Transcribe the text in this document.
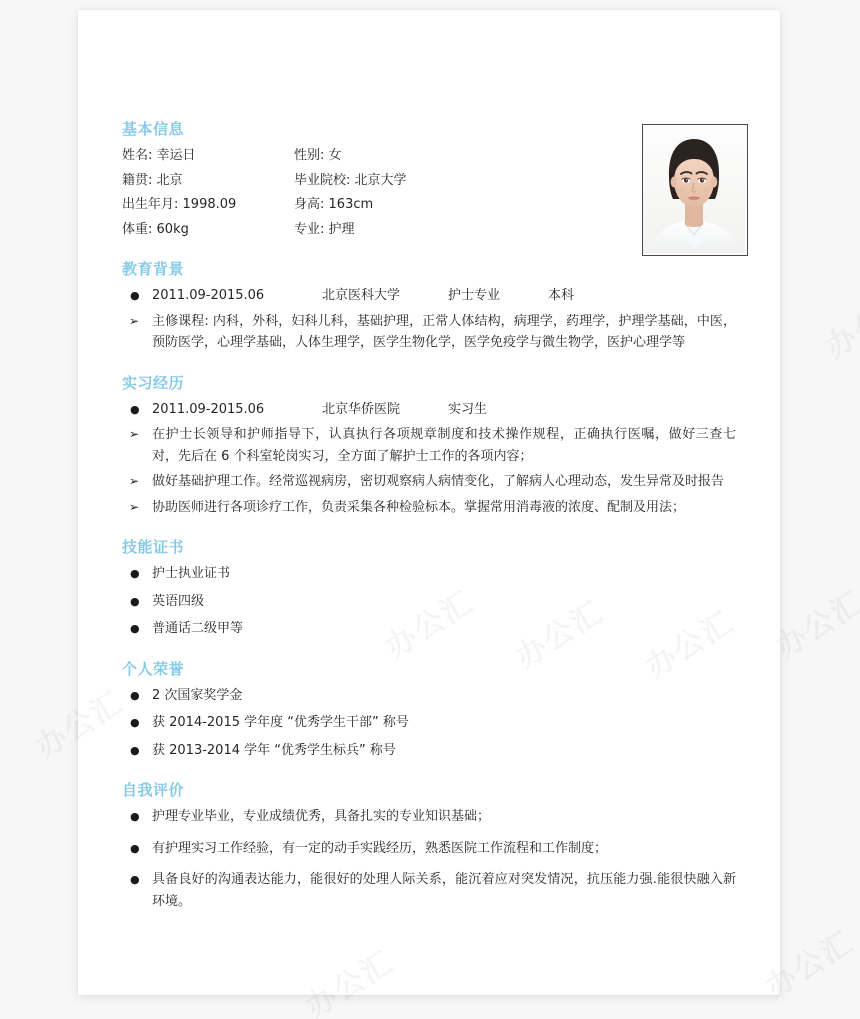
基本信息
姓名: 幸运日	性别: 女
籍贯: 北京	毕业院校: 北京大学
出生年月: 1998.09	身高: 163cm
体重: 60kg	专业: 护理
教育背景
● 2011.09-2015.06	北京医科大学	护士专业	本科
➢ 主修课程: 内科，外科，妇科儿科，基础护理，正常人体结构，病理学，药理学，护理学基础，中医，预防医学，心理学基础，人体生理学，医学生物化学，医学免疫学与微生物学，医护心理学等
实习经历
● 2011.09-2015.06	北京华侨医院	实习生
➢ 在护士长领导和护师指导下，认真执行各项规章制度和技术操作规程，正确执行医嘱，做好三查七对，先后在 6 个科室轮岗实习，全方面了解护士工作的各项内容；
➢ 做好基础护理工作。经常巡视病房，密切观察病人病情变化，了解病人心理动态，发生异常及时报告
➢ 协助医师进行各项诊疗工作，负责采集各种检验标本。掌握常用消毒液的浓度、配制及用法；
技能证书
● 护士执业证书
● 英语四级
● 普通话二级甲等
个人荣誉
● 2 次国家奖学金
● 获 2014-2015 学年度 “优秀学生干部” 称号
● 获 2013-2014 学年 “优秀学生标兵” 称号
自我评价
● 护理专业毕业，专业成绩优秀，具备扎实的专业知识基础；
● 有护理实习工作经验，有一定的动手实践经历，熟悉医院工作流程和工作制度；
● 具备良好的沟通表达能力，能很好的处理人际关系，能沉着应对突发情况，抗压能力强.能很快融入新环境。
